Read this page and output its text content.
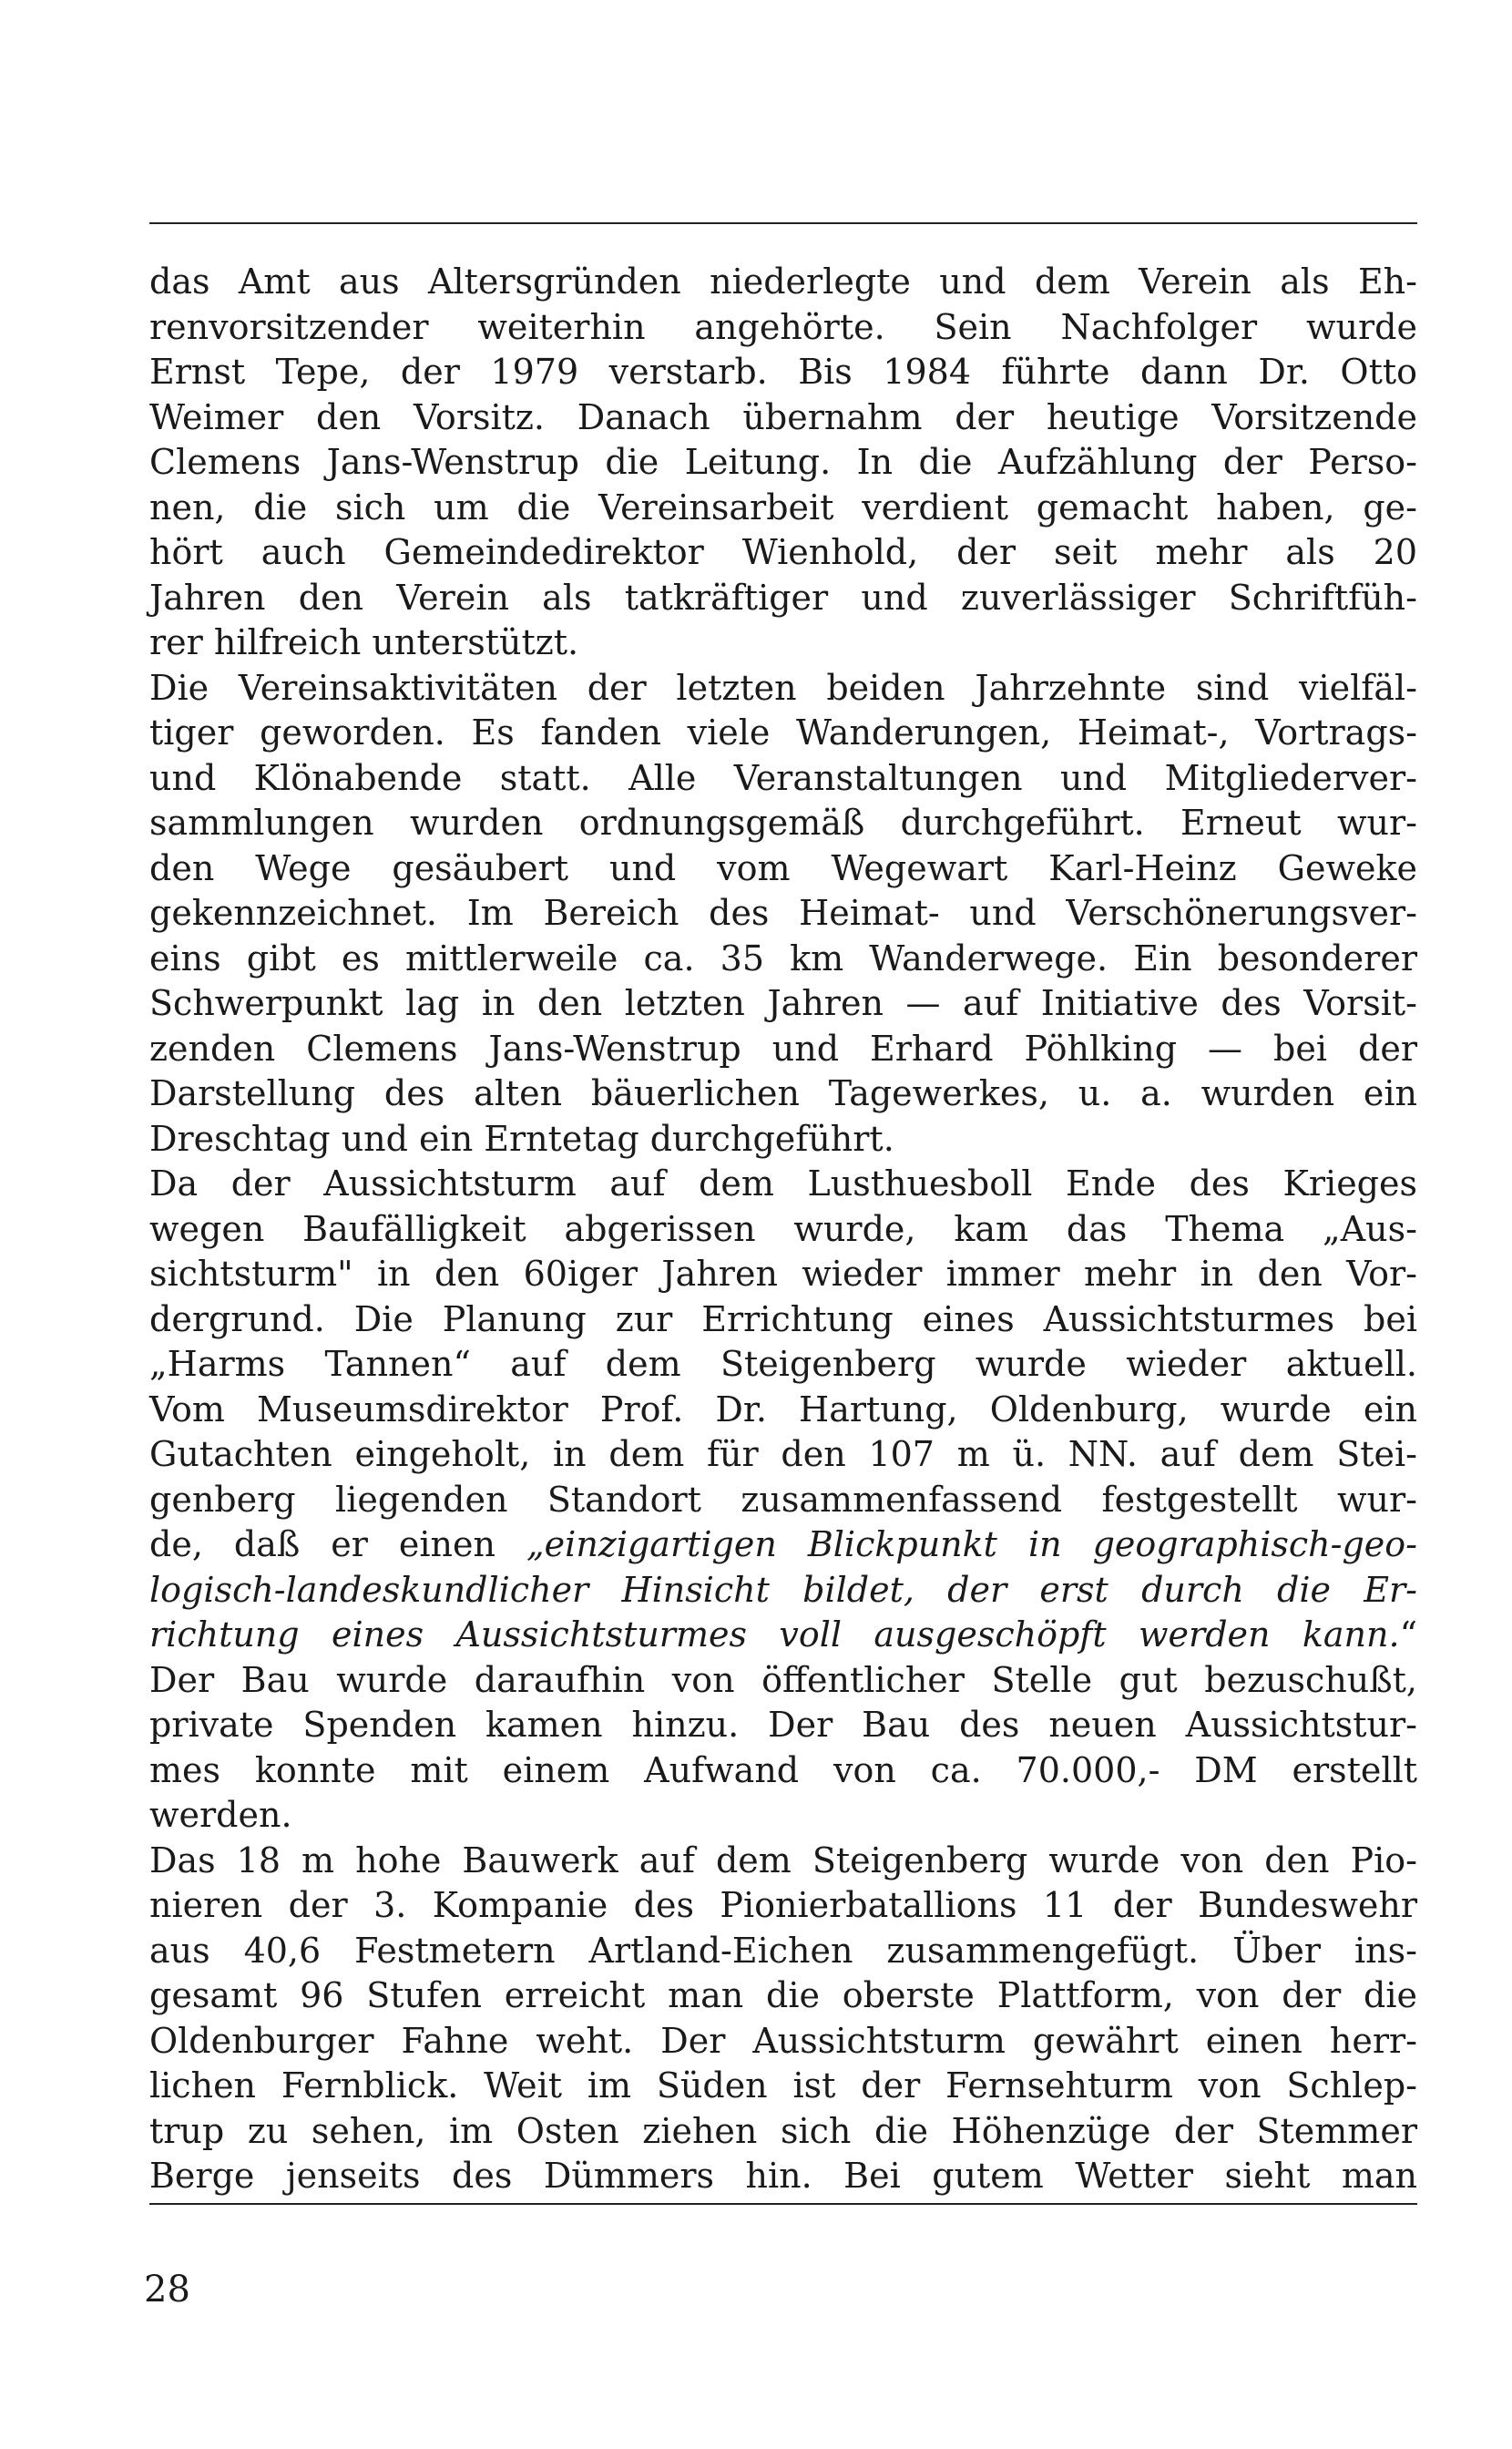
das Amt aus Altersgründen niederlegte und dem Verein als Eh-
renvorsitzender weiterhin angehörte. Sein Nachfolger wurde
Ernst Tepe, der 1979 verstarb. Bis 1984 führte dann Dr. Otto
Weimer den Vorsitz. Danach übernahm der heutige Vorsitzende
Clemens Jans-Wenstrup die Leitung. In die Aufzählung der Perso-
nen, die sich um die Vereinsarbeit verdient gemacht haben, ge-
hört auch Gemeindedirektor Wienhold, der seit mehr als 20
Jahren den Verein als tatkräftiger und zuverlässiger Schriftfüh-
rer hilfreich unterstützt.
Die Vereinsaktivitäten der letzten beiden Jahrzehnte sind vielfäl-
tiger geworden. Es fanden viele Wanderungen, Heimat-, Vortrags-
und Klönabende statt. Alle Veranstaltungen und Mitgliederver-
sammlungen wurden ordnungsgemäß durchgeführt. Erneut wur-
den Wege gesäubert und vom Wegewart Karl-Heinz Geweke
gekennzeichnet. Im Bereich des Heimat- und Verschönerungsver-
eins gibt es mittlerweile ca. 35 km Wanderwege. Ein besonderer
Schwerpunkt lag in den letzten Jahren — auf Initiative des Vorsit-
zenden Clemens Jans-Wenstrup und Erhard Pöhlking — bei der
Darstellung des alten bäuerlichen Tagewerkes, u. a. wurden ein
Dreschtag und ein Erntetag durchgeführt.
Da der Aussichtsturm auf dem Lusthuesboll Ende des Krieges
wegen Baufälligkeit abgerissen wurde, kam das Thema „Aus-
sichtsturm" in den 60iger Jahren wieder immer mehr in den Vor-
dergrund. Die Planung zur Errichtung eines Aussichtsturmes bei
„Harms Tannen“ auf dem Steigenberg wurde wieder aktuell.
Vom Museumsdirektor Prof. Dr. Hartung, Oldenburg, wurde ein
Gutachten eingeholt, in dem für den 107 m ü. NN. auf dem Stei-
genberg liegenden Standort zusammenfassend festgestellt wur-
de, daß er einen „einzigartigen Blickpunkt in geographisch-geo-
logisch-landeskundlicher Hinsicht bildet, der erst durch die Er-
richtung eines Aussichtsturmes voll ausgeschöpft werden kann.“
Der Bau wurde daraufhin von öffentlicher Stelle gut bezuschußt,
private Spenden kamen hinzu. Der Bau des neuen Aussichtstur-
mes konnte mit einem Aufwand von ca. 70.000,- DM erstellt
werden.
Das 18 m hohe Bauwerk auf dem Steigenberg wurde von den Pio-
nieren der 3. Kompanie des Pionierbatallions 11 der Bundeswehr
aus 40,6 Festmetern Artland-Eichen zusammengefügt. Über ins-
gesamt 96 Stufen erreicht man die oberste Plattform, von der die
Oldenburger Fahne weht. Der Aussichtsturm gewährt einen herr-
lichen Fernblick. Weit im Süden ist der Fernsehturm von Schlep-
trup zu sehen, im Osten ziehen sich die Höhenzüge der Stemmer
Berge jenseits des Dümmers hin. Bei gutem Wetter sieht man
28
